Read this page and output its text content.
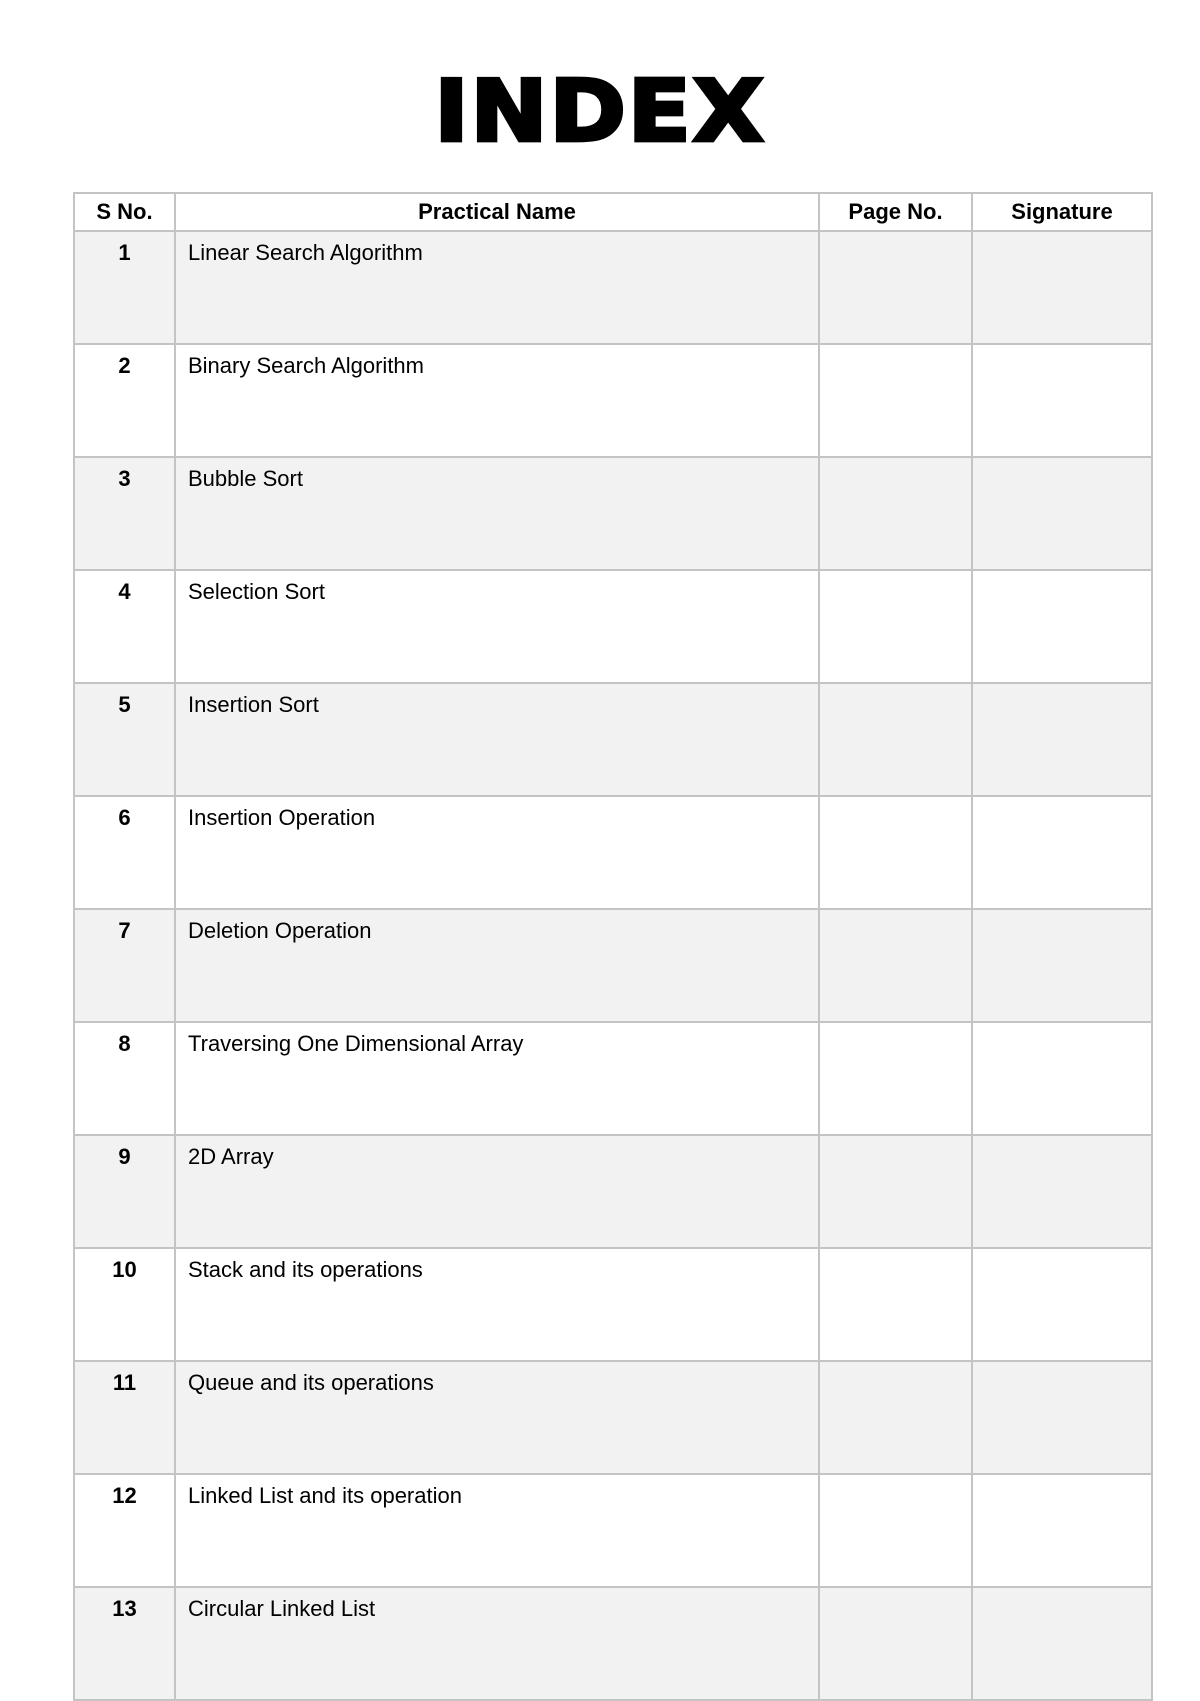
INDEX
S No.	Practical Name	Page No.	Signature
1	Linear Search Algorithm		
2	Binary Search Algorithm		
3	Bubble Sort		
4	Selection Sort		
5	Insertion Sort		
6	Insertion Operation		
7	Deletion Operation		
8	Traversing One Dimensional Array		
9	2D Array		
10	Stack and its operations		
11	Queue and its operations		
12	Linked List and its operation		
13	Circular Linked List		
